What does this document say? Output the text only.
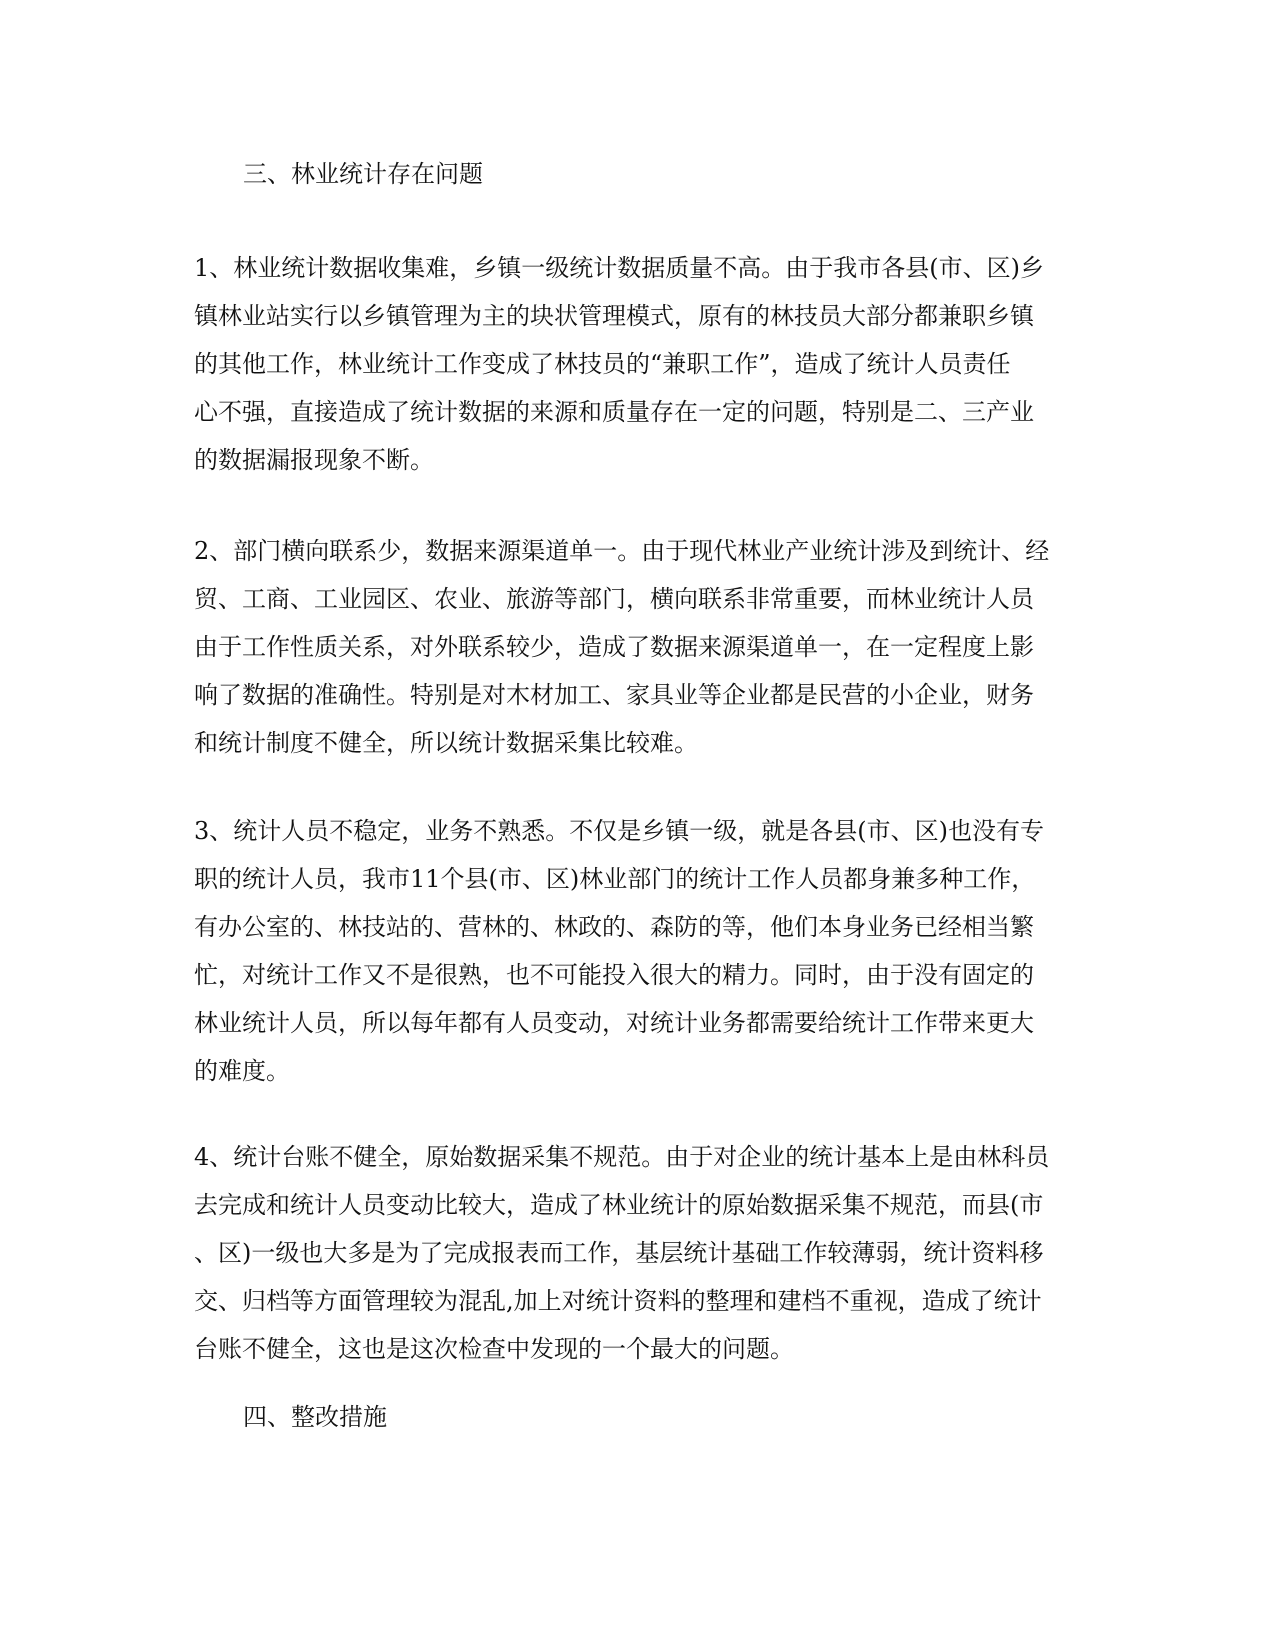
三、林业统计存在问题
1、林业统计数据收集难，乡镇一级统计数据质量不高。由于我市各县(市、区)乡
镇林业站实行以乡镇管理为主的块状管理模式，原有的林技员大部分都兼职乡镇
的其他工作，林业统计工作变成了林技员的“兼职工作”，造成了统计人员责任
心不强，直接造成了统计数据的来源和质量存在一定的问题，特别是二、三产业
的数据漏报现象不断。
2、部门横向联系少，数据来源渠道单一。由于现代林业产业统计涉及到统计、经
贸、工商、工业园区、农业、旅游等部门，横向联系非常重要，而林业统计人员
由于工作性质关系，对外联系较少，造成了数据来源渠道单一，在一定程度上影
响了数据的准确性。特别是对木材加工、家具业等企业都是民营的小企业，财务
和统计制度不健全，所以统计数据采集比较难。
3、统计人员不稳定，业务不熟悉。不仅是乡镇一级，就是各县(市、区)也没有专
职的统计人员，我市11个县(市、区)林业部门的统计工作人员都身兼多种工作，
有办公室的、林技站的、营林的、林政的、森防的等，他们本身业务已经相当繁
忙，对统计工作又不是很熟，也不可能投入很大的精力。同时，由于没有固定的
林业统计人员，所以每年都有人员变动，对统计业务都需要给统计工作带来更大
的难度。
4、统计台账不健全，原始数据采集不规范。由于对企业的统计基本上是由林科员
去完成和统计人员变动比较大，造成了林业统计的原始数据采集不规范，而县(市
、区)一级也大多是为了完成报表而工作，基层统计基础工作较薄弱，统计资料移
交、归档等方面管理较为混乱,加上对统计资料的整理和建档不重视，造成了统计
台账不健全，这也是这次检查中发现的一个最大的问题。
四、整改措施
